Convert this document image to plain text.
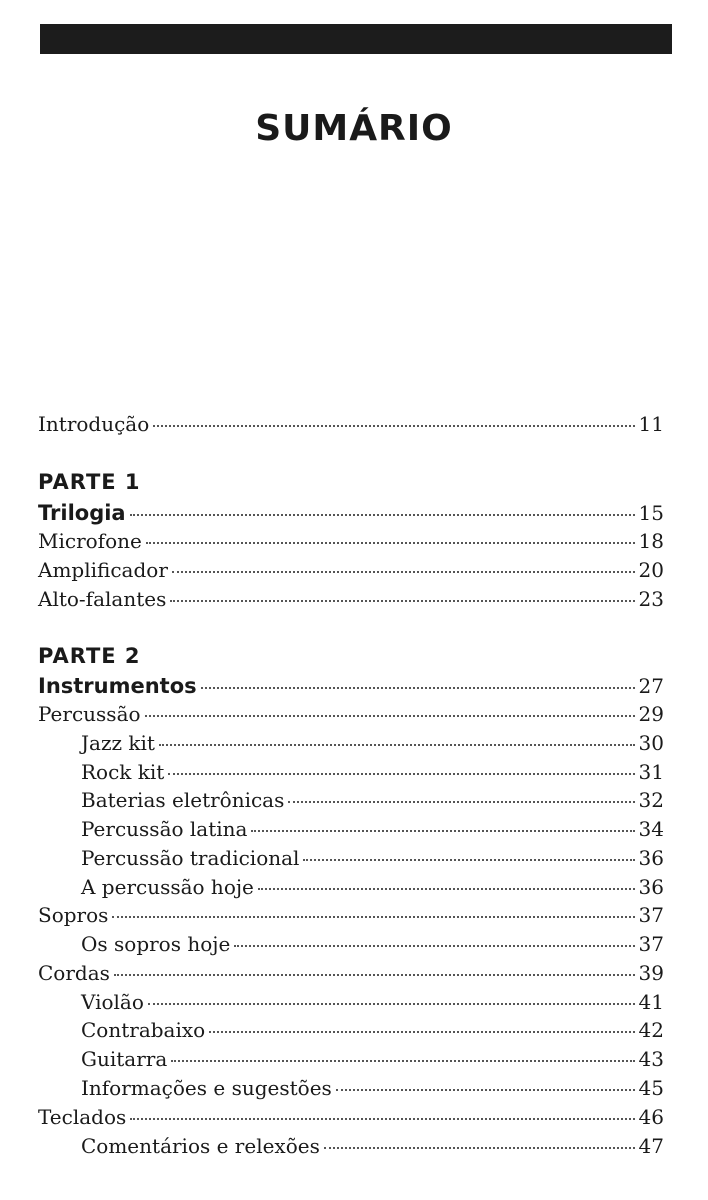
SUMÁRIO
Introdução	11
PARTE 1
Trilogia	15
Microfone	18
Amplificador	20
Alto-falantes	23
PARTE 2
Instrumentos	27
Percussão	29
Jazz kit	30
Rock kit	31
Baterias eletrônicas	32
Percussão latina	34
Percussão tradicional	36
A percussão hoje	36
Sopros	37
Os sopros hoje	37
Cordas	39
Violão	41
Contrabaixo	42
Guitarra	43
Informações e sugestões	45
Teclados	46
Comentários e relexões	47
